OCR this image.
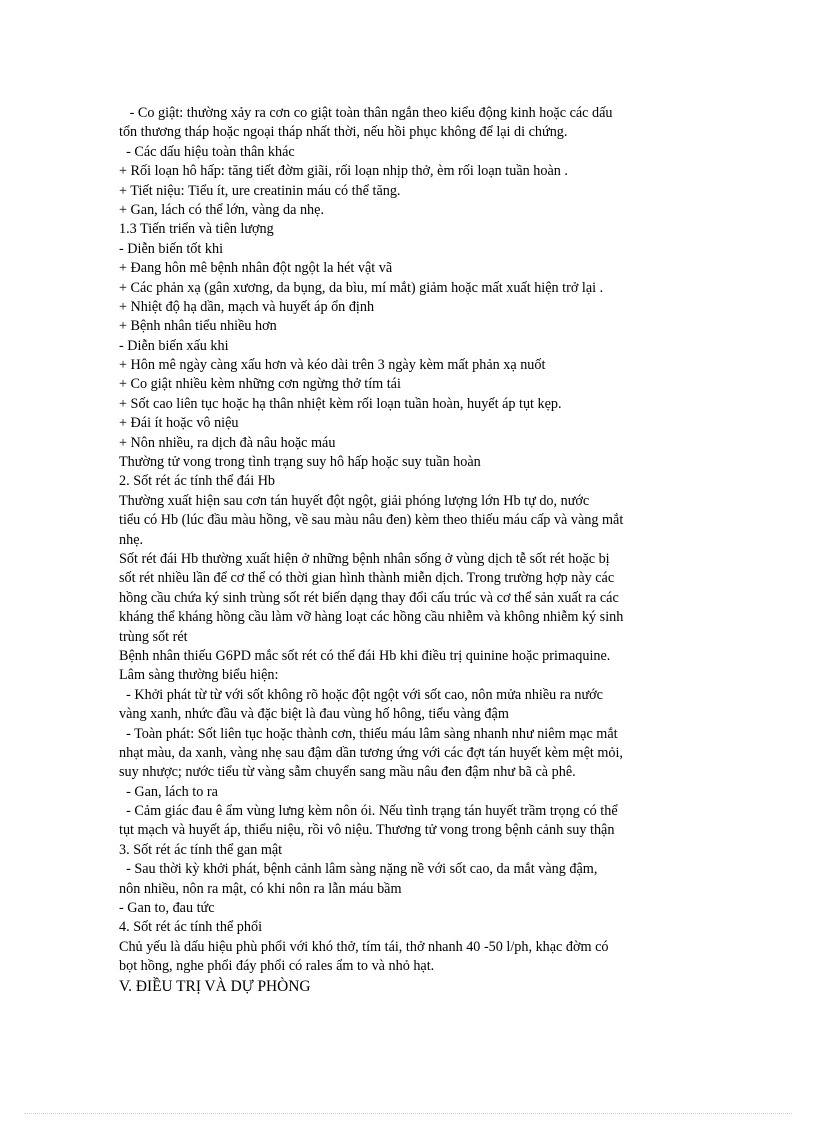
- Co giật: thường xảy ra cơn co giật toàn thân ngắn theo kiểu động kinh hoặc các dấu
tổn thương tháp hoặc ngoại tháp nhất thời, nếu hồi phục không để lại di chứng.
- Các dấu hiệu toàn thân khác
+ Rối loạn hô hấp: tăng tiết đờm giãi, rối loạn nhịp thở, èm rối loạn tuần hoàn .
+ Tiết niệu: Tiểu ít, ure creatinin máu có thể tăng.
+ Gan, lách có thể lớn, vàng da nhẹ.
1.3 Tiến triển và tiên lượng
- Diễn biến tốt khi
+ Đang hôn mê bệnh nhân đột ngột la hét vật vã
+ Các phản xạ (gân xương, da bụng, da bìu, mí mắt) giảm hoặc mất xuất hiện trở lại .
+ Nhiệt độ hạ dần, mạch và huyết áp ổn định
+ Bệnh nhân tiểu nhiều hơn
- Diễn biến xấu khi
+ Hôn mê ngày càng xấu hơn và kéo dài trên 3 ngày kèm mất phản xạ nuốt
+ Co giật nhiều kèm những cơn ngừng thở tím tái
+ Sốt cao liên tục hoặc hạ thân nhiệt kèm rối loạn tuần hoàn, huyết áp tụt kẹp.
+ Đái ít hoặc vô niệu
+ Nôn nhiều, ra dịch đà nâu hoặc máu
Thường tử vong trong tình trạng suy hô hấp hoặc suy tuần hoàn
2. Sốt rét ác tính thể đái Hb
Thường xuất hiện sau cơn tán huyết đột ngột, giải phóng lượng lớn Hb tự do, nước
tiểu có Hb (lúc đầu màu hồng, về sau màu nâu đen) kèm theo thiếu máu cấp và vàng mắt
nhẹ.
Sốt rét đái Hb thường xuất hiện ở những bệnh nhân sống ở vùng dịch tễ sốt rét hoặc bị
sốt rét nhiều lần để cơ thể có thời gian hình thành miễn dịch. Trong trường hợp này các
hồng cầu chứa ký sinh trùng sốt rét biến dạng thay đổi cấu trúc và cơ thể sản xuất ra các
kháng thể kháng hồng cầu làm vỡ hàng loạt các hồng cầu nhiễm và không nhiễm ký sinh
trùng sốt rét
Bệnh nhân thiếu G6PD mắc sốt rét có thể đái Hb khi điều trị quinine hoặc primaquine.
Lâm sàng thường biểu hiện:
- Khởi phát từ từ với sốt không rõ hoặc đột ngột với sốt cao, nôn mửa nhiều ra nước
vàng xanh, nhức đầu và đặc biệt là đau vùng hố hông, tiểu vàng đậm
- Toàn phát: Sốt liên tục hoặc thành cơn, thiếu máu lâm sàng nhanh như niêm mạc mắt
nhạt màu, da xanh, vàng nhẹ sau đậm dần tương ứng với các đợt tán huyết kèm mệt mỏi,
suy nhược; nước tiểu từ vàng sẫm chuyển sang mầu nâu đen đậm như bã cà phê.
- Gan, lách to ra
- Cảm giác đau ê ẩm vùng lưng kèm nôn ói. Nếu tình trạng tán huyết trầm trọng có thể
tụt mạch và huyết áp, thiểu niệu, rồi vô niệu. Thương tử vong trong bệnh cảnh suy thận
3. Sốt rét ác tính thể gan mật
- Sau thời kỳ khởi phát, bệnh cảnh lâm sàng nặng nề với sốt cao, da mắt vàng đậm,
nôn nhiều, nôn ra mật, có khi nôn ra lẫn máu bầm
- Gan to, đau tức
4. Sốt rét ác tính thể phổi
Chủ yếu là dấu hiệu phù phổi với khó thở, tím tái, thở nhanh 40 -50 l/ph, khạc đờm có
bọt hồng, nghe phổi đáy phổi có rales ẩm to và nhỏ hạt.
V. ĐIỀU TRỊ VÀ DỰ PHÒNG
